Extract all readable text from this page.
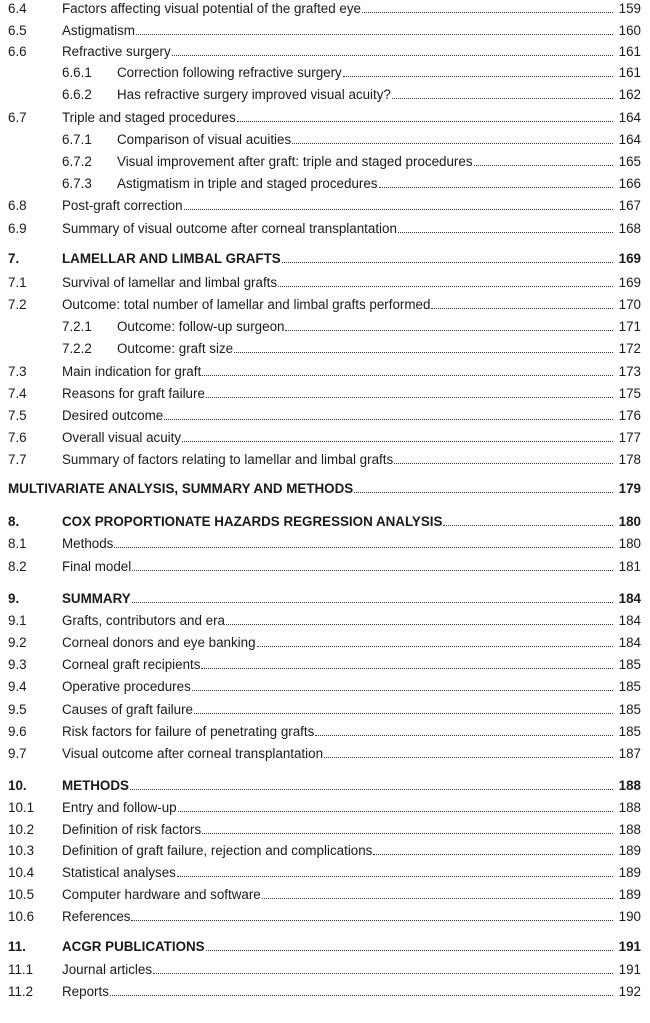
6.4	Factors affecting visual potential of the grafted eye	159
6.5	Astigmatism	160
6.6	Refractive surgery	161
6.6.1 Correction following refractive surgery	161
6.6.2 Has refractive surgery improved visual acuity?	162
6.7	Triple and staged procedures	164
6.7.1 Comparison of visual acuities	164
6.7.2 Visual improvement after graft: triple and staged procedures	165
6.7.3 Astigmatism in triple and staged procedures	166
6.8	Post-graft correction	167
6.9	Summary of visual outcome after corneal transplantation	168
7.	LAMELLAR AND LIMBAL GRAFTS	169
7.1	Survival of lamellar and limbal grafts	169
7.2	Outcome: total number of lamellar and limbal grafts performed	170
7.2.1 Outcome: follow-up surgeon	171
7.2.2 Outcome: graft size	172
7.3	Main indication for graft	173
7.4	Reasons for graft failure	175
7.5	Desired outcome	176
7.6	Overall visual acuity	177
7.7	Summary of factors relating to lamellar and limbal grafts	178
MULTIVARIATE ANALYSIS, SUMMARY AND METHODS	179
8.	COX PROPORTIONATE HAZARDS REGRESSION ANALYSIS	180
8.1	Methods	180
8.2	Final model	181
9.	SUMMARY	184
9.1	Grafts, contributors and era	184
9.2	Corneal donors and eye banking	184
9.3	Corneal graft recipients	185
9.4	Operative procedures	185
9.5	Causes of graft failure	185
9.6	Risk factors for failure of penetrating grafts	185
9.7	Visual outcome after corneal transplantation	187
10.	METHODS	188
10.1 Entry and follow-up	188
10.2 Definition of risk factors	188
10.3 Definition of graft failure, rejection and complications	189
10.4 Statistical analyses	189
10.5 Computer hardware and software	189
10.6 References	190
11.	ACGR PUBLICATIONS	191
11.1 Journal articles	191
11.2 Reports	192
